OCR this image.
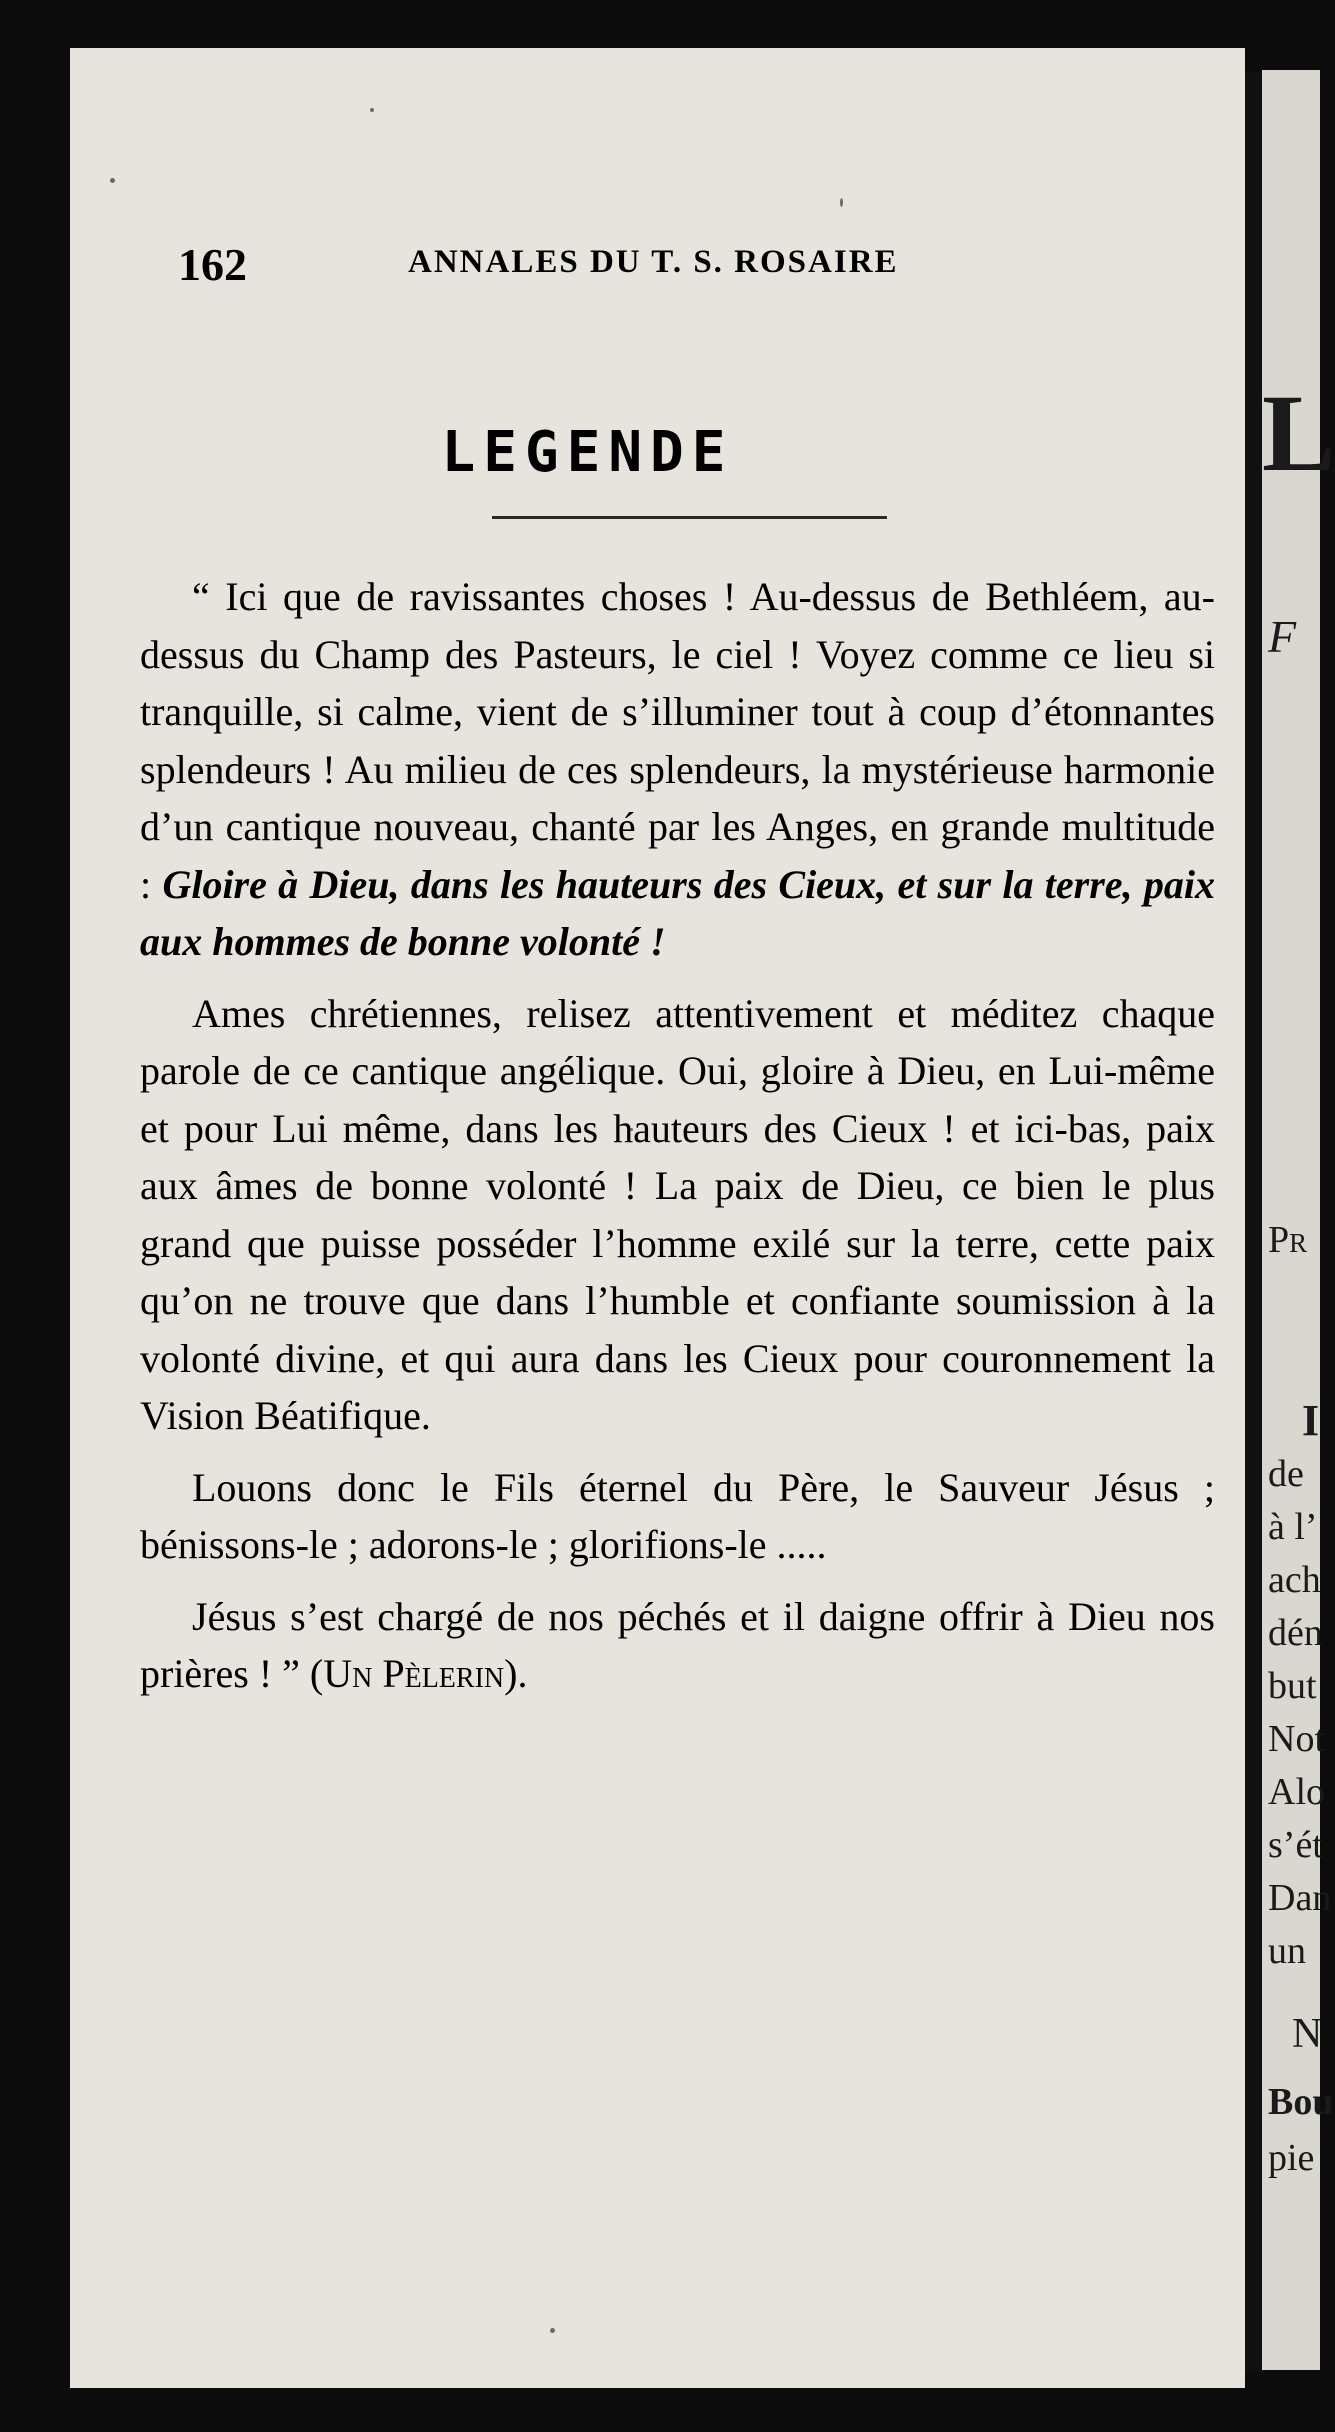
L
F
Pr
I
de
à l’
ach
dén
but
Not
Alo
s’ét
Dan
un
N
Bou
pie
162	ANNALES DU T. S. ROSAIRE
LEGENDE

“ Ici que de ravissantes choses ! Au-dessus de Bethléem, au-dessus du Champ des Pasteurs, le ciel ! Voyez comme ce lieu si tranquille, si calme, vient de s’illuminer tout à coup d’étonnantes splendeurs ! Au milieu de ces splendeurs, la mystérieuse harmonie d’un cantique nouveau, chanté par les Anges, en grande multitude : Gloire à Dieu, dans les hauteurs des Cieux, et sur la terre, paix aux hommes de bonne volonté !

Ames chrétiennes, relisez attentivement et méditez chaque parole de ce cantique angélique. Oui, gloire à Dieu, en Lui-même et pour Lui même, dans les hauteurs des Cieux ! et ici-bas, paix aux âmes de bonne volonté ! La paix de Dieu, ce bien le plus grand que puisse posséder l’homme exilé sur la terre, cette paix qu’on ne trouve que dans l’humble et confiante soumission à la volonté divine, et qui aura dans les Cieux pour couronnement la Vision Béatifique.

Louons donc le Fils éternel du Père, le Sauveur Jésus ; bénissons-le ; adorons-le ; glorifions-le .....

Jésus s’est chargé de nos péchés et il daigne offrir à Dieu nos prières ! ” (Un Pèlerin).
